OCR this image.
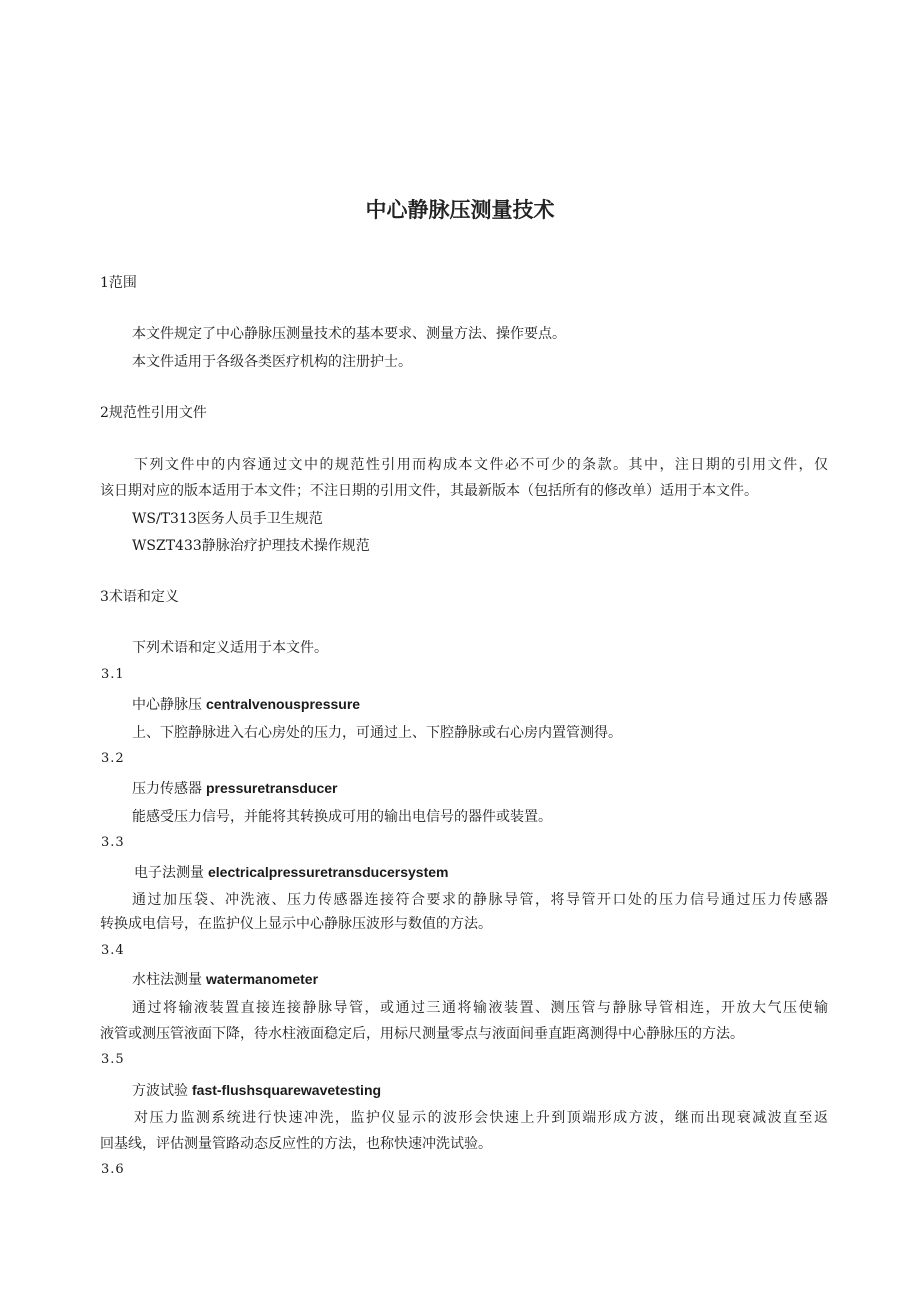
中心静脉压测量技术
1范围
本文件规定了中心静脉压测量技术的基本要求、测量方法、操作要点。
本文件适用于各级各类医疗机构的注册护士。
2规范性引用文件
下列文件中的内容通过文中的规范性引用而构成本文件必不可少的条款。其中，注日期的引用文件，仅
该日期对应的版本适用于本文件；不注日期的引用文件，其最新版本（包括所有的修改单）适用于本文件。
WS/T313医务人员手卫生规范
WSZT433静脉治疗护理技术操作规范
3术语和定义
下列术语和定义适用于本文件。
3.1
中心静脉压 centralvenouspressure
上、下腔静脉进入右心房处的压力，可通过上、下腔静脉或右心房内置管测得。
3.2
压力传感器 pressuretransducer
能感受压力信号，并能将其转换成可用的输出电信号的器件或装置。
3.3
电子法测量 electricalpressuretransducersystem
通过加压袋、冲洗液、压力传感器连接符合要求的静脉导管，将导管开口处的压力信号通过压力传感器
转换成电信号，在监护仪上显示中心静脉压波形与数值的方法。
3.4
水柱法测量 watermanometer
通过将输液装置直接连接静脉导管，或通过三通将输液装置、测压管与静脉导管相连，开放大气压使输
液管或测压管液面下降，待水柱液面稳定后，用标尺测量零点与液面间垂直距离测得中心静脉压的方法。
3.5
方波试验 fast-flushsquarewavetesting
对压力监测系统进行快速冲洗，监护仪显示的波形会快速上升到顶端形成方波，继而出现衰减波直至返
回基线，评估测量管路动态反应性的方法，也称快速冲洗试验。
3.6
